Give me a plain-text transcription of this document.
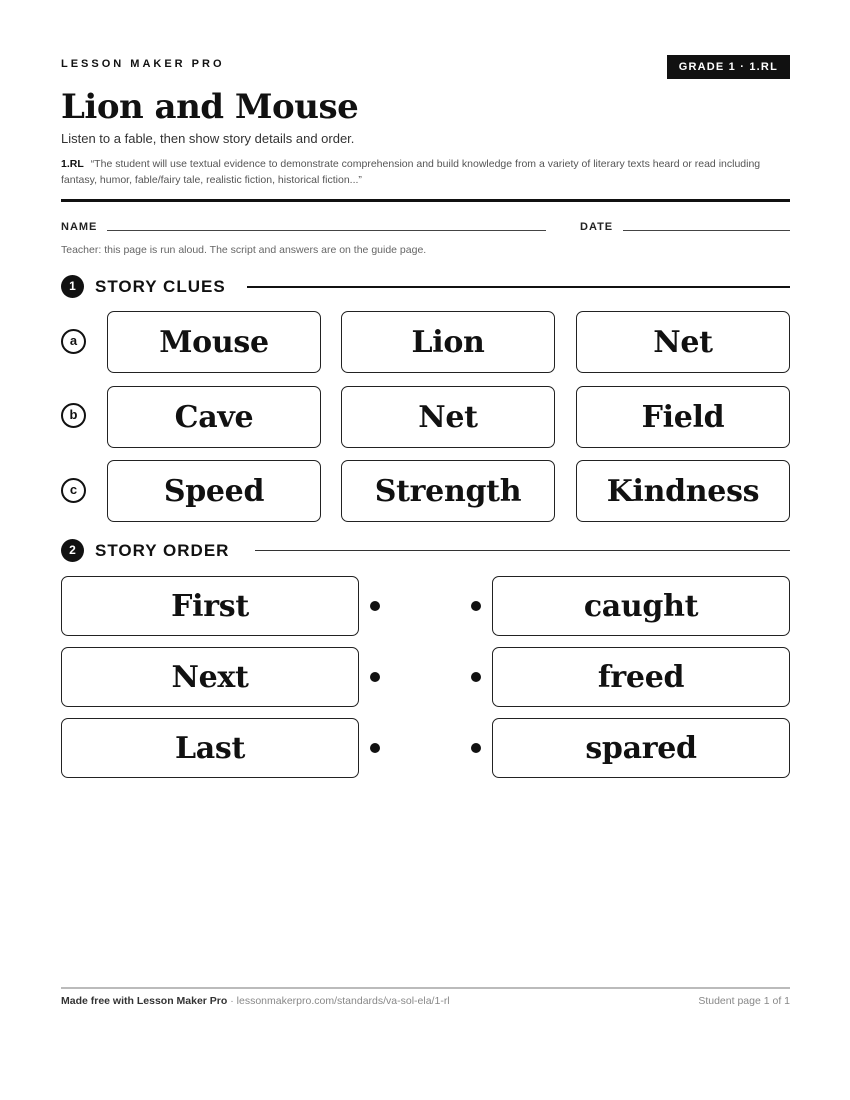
LESSON MAKER PRO	GRADE 1 · 1.RL
Lion and Mouse
Listen to a fable, then show story details and order.
1.RL “The student will use textual evidence to demonstrate comprehension and build knowledge from a variety of literary texts heard or read including fantasy, humor, fable/fairy tale, realistic fiction, historical fiction...”
NAME	DATE
Teacher: this page is run aloud. The script and answers are on the guide page.
1	STORY CLUES
a	Mouse	Lion	Net
b	Cave	Net	Field
c	Speed	Strength	Kindness
2	STORY ORDER
First	caught
Next	freed
Last	spared
Made free with Lesson Maker Pro · lessonmakerpro.com/standards/va-sol-ela/1-rl	Student page 1 of 1
